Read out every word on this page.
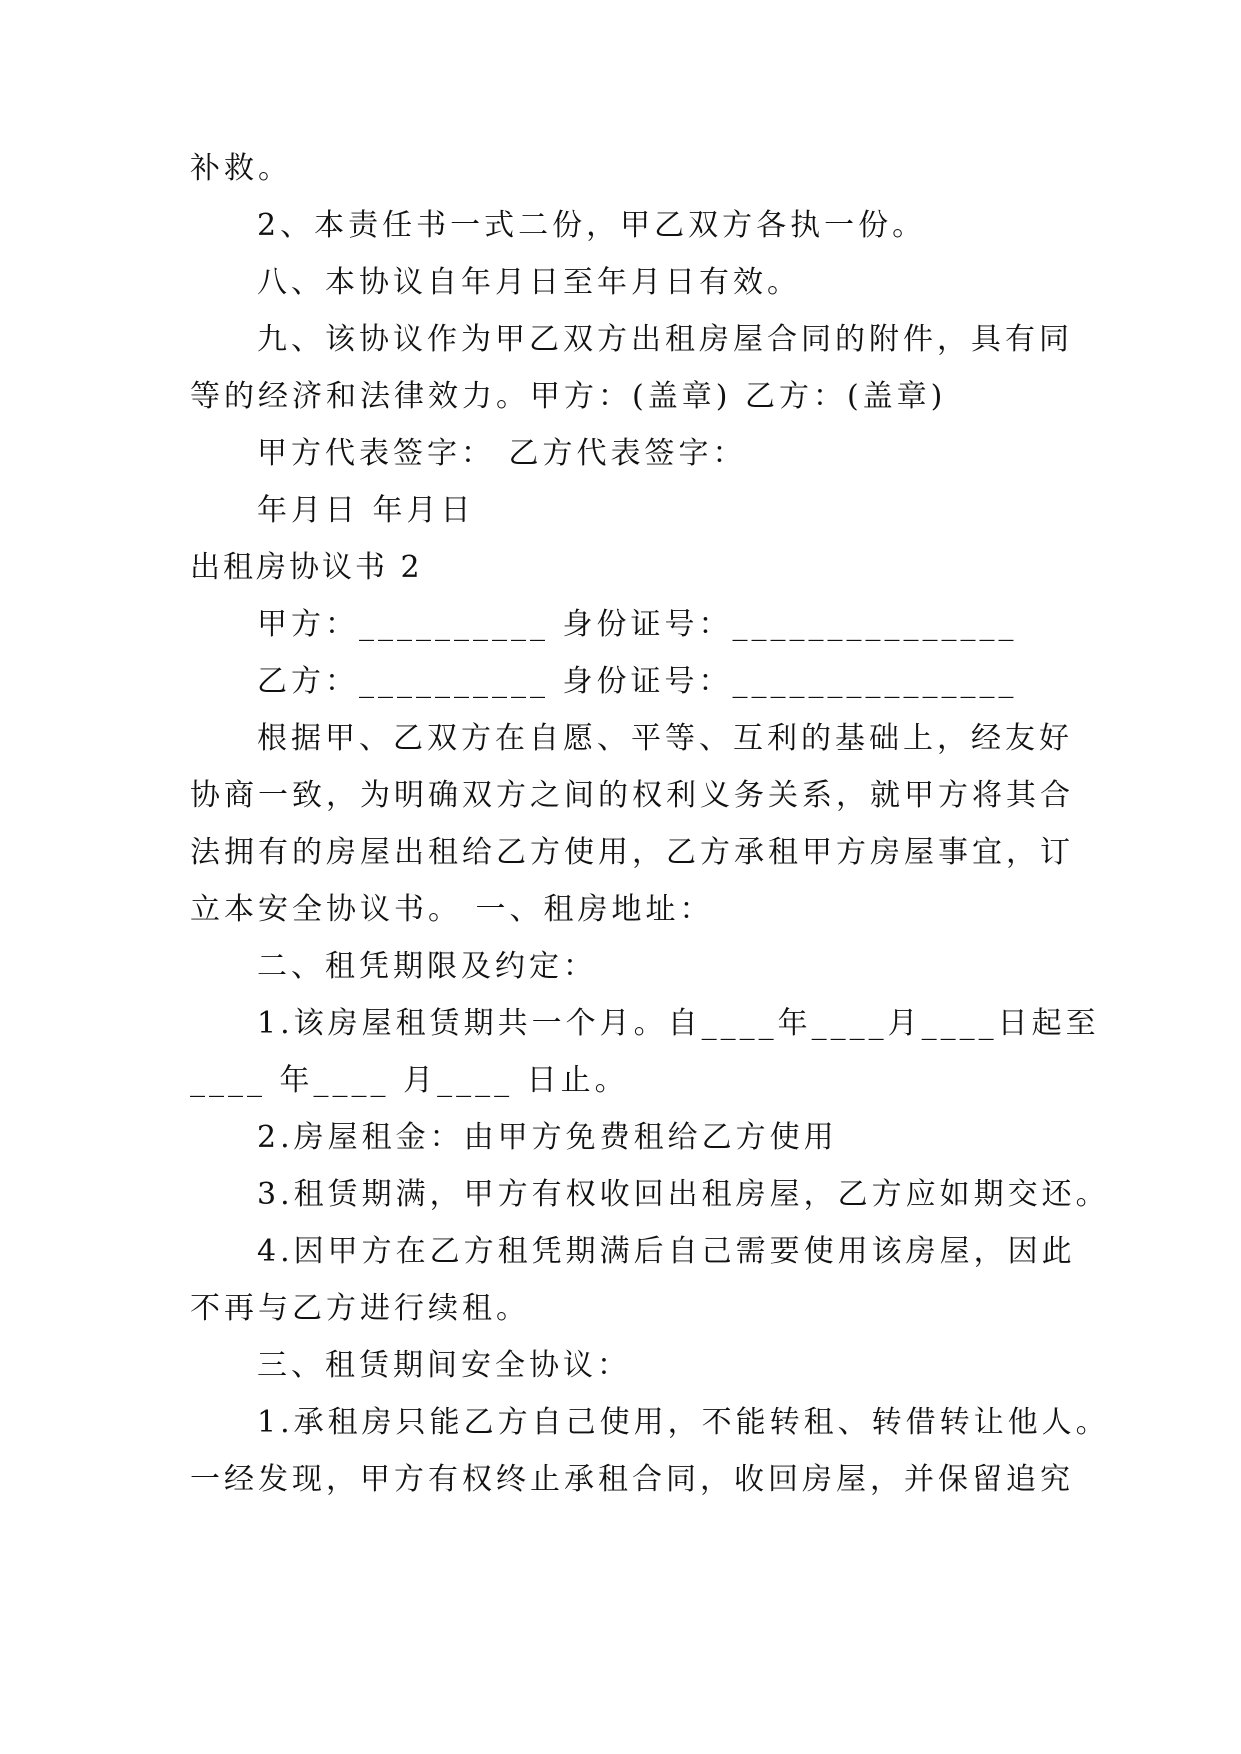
补救。
2、本责任书一式二份，甲乙双方各执一份。
八、本协议自年月日至年月日有效。
九、该协议作为甲乙双方出租房屋合同的附件，具有同
等的经济和法律效力。甲方：(盖章) 乙方：(盖章)
甲方代表签字： 乙方代表签字：
年月日 年月日
出租房协议书 2
甲方：__________ 身份证号：_______________
乙方：__________ 身份证号：_______________
根据甲、乙双方在自愿、平等、互利的基础上，经友好
协商一致，为明确双方之间的权利义务关系，就甲方将其合
法拥有的房屋出租给乙方使用，乙方承租甲方房屋事宜，订
立本安全协议书。 一、租房地址：
二、租凭期限及约定：
1.该房屋租赁期共一个月。自____年____月____日起至
____ 年____ 月____ 日止。
2.房屋租金：由甲方免费租给乙方使用
3.租赁期满，甲方有权收回出租房屋，乙方应如期交还。
4.因甲方在乙方租凭期满后自己需要使用该房屋，因此
不再与乙方进行续租。
三、租赁期间安全协议：
1.承租房只能乙方自己使用，不能转租、转借转让他人。
一经发现，甲方有权终止承租合同，收回房屋，并保留追究
